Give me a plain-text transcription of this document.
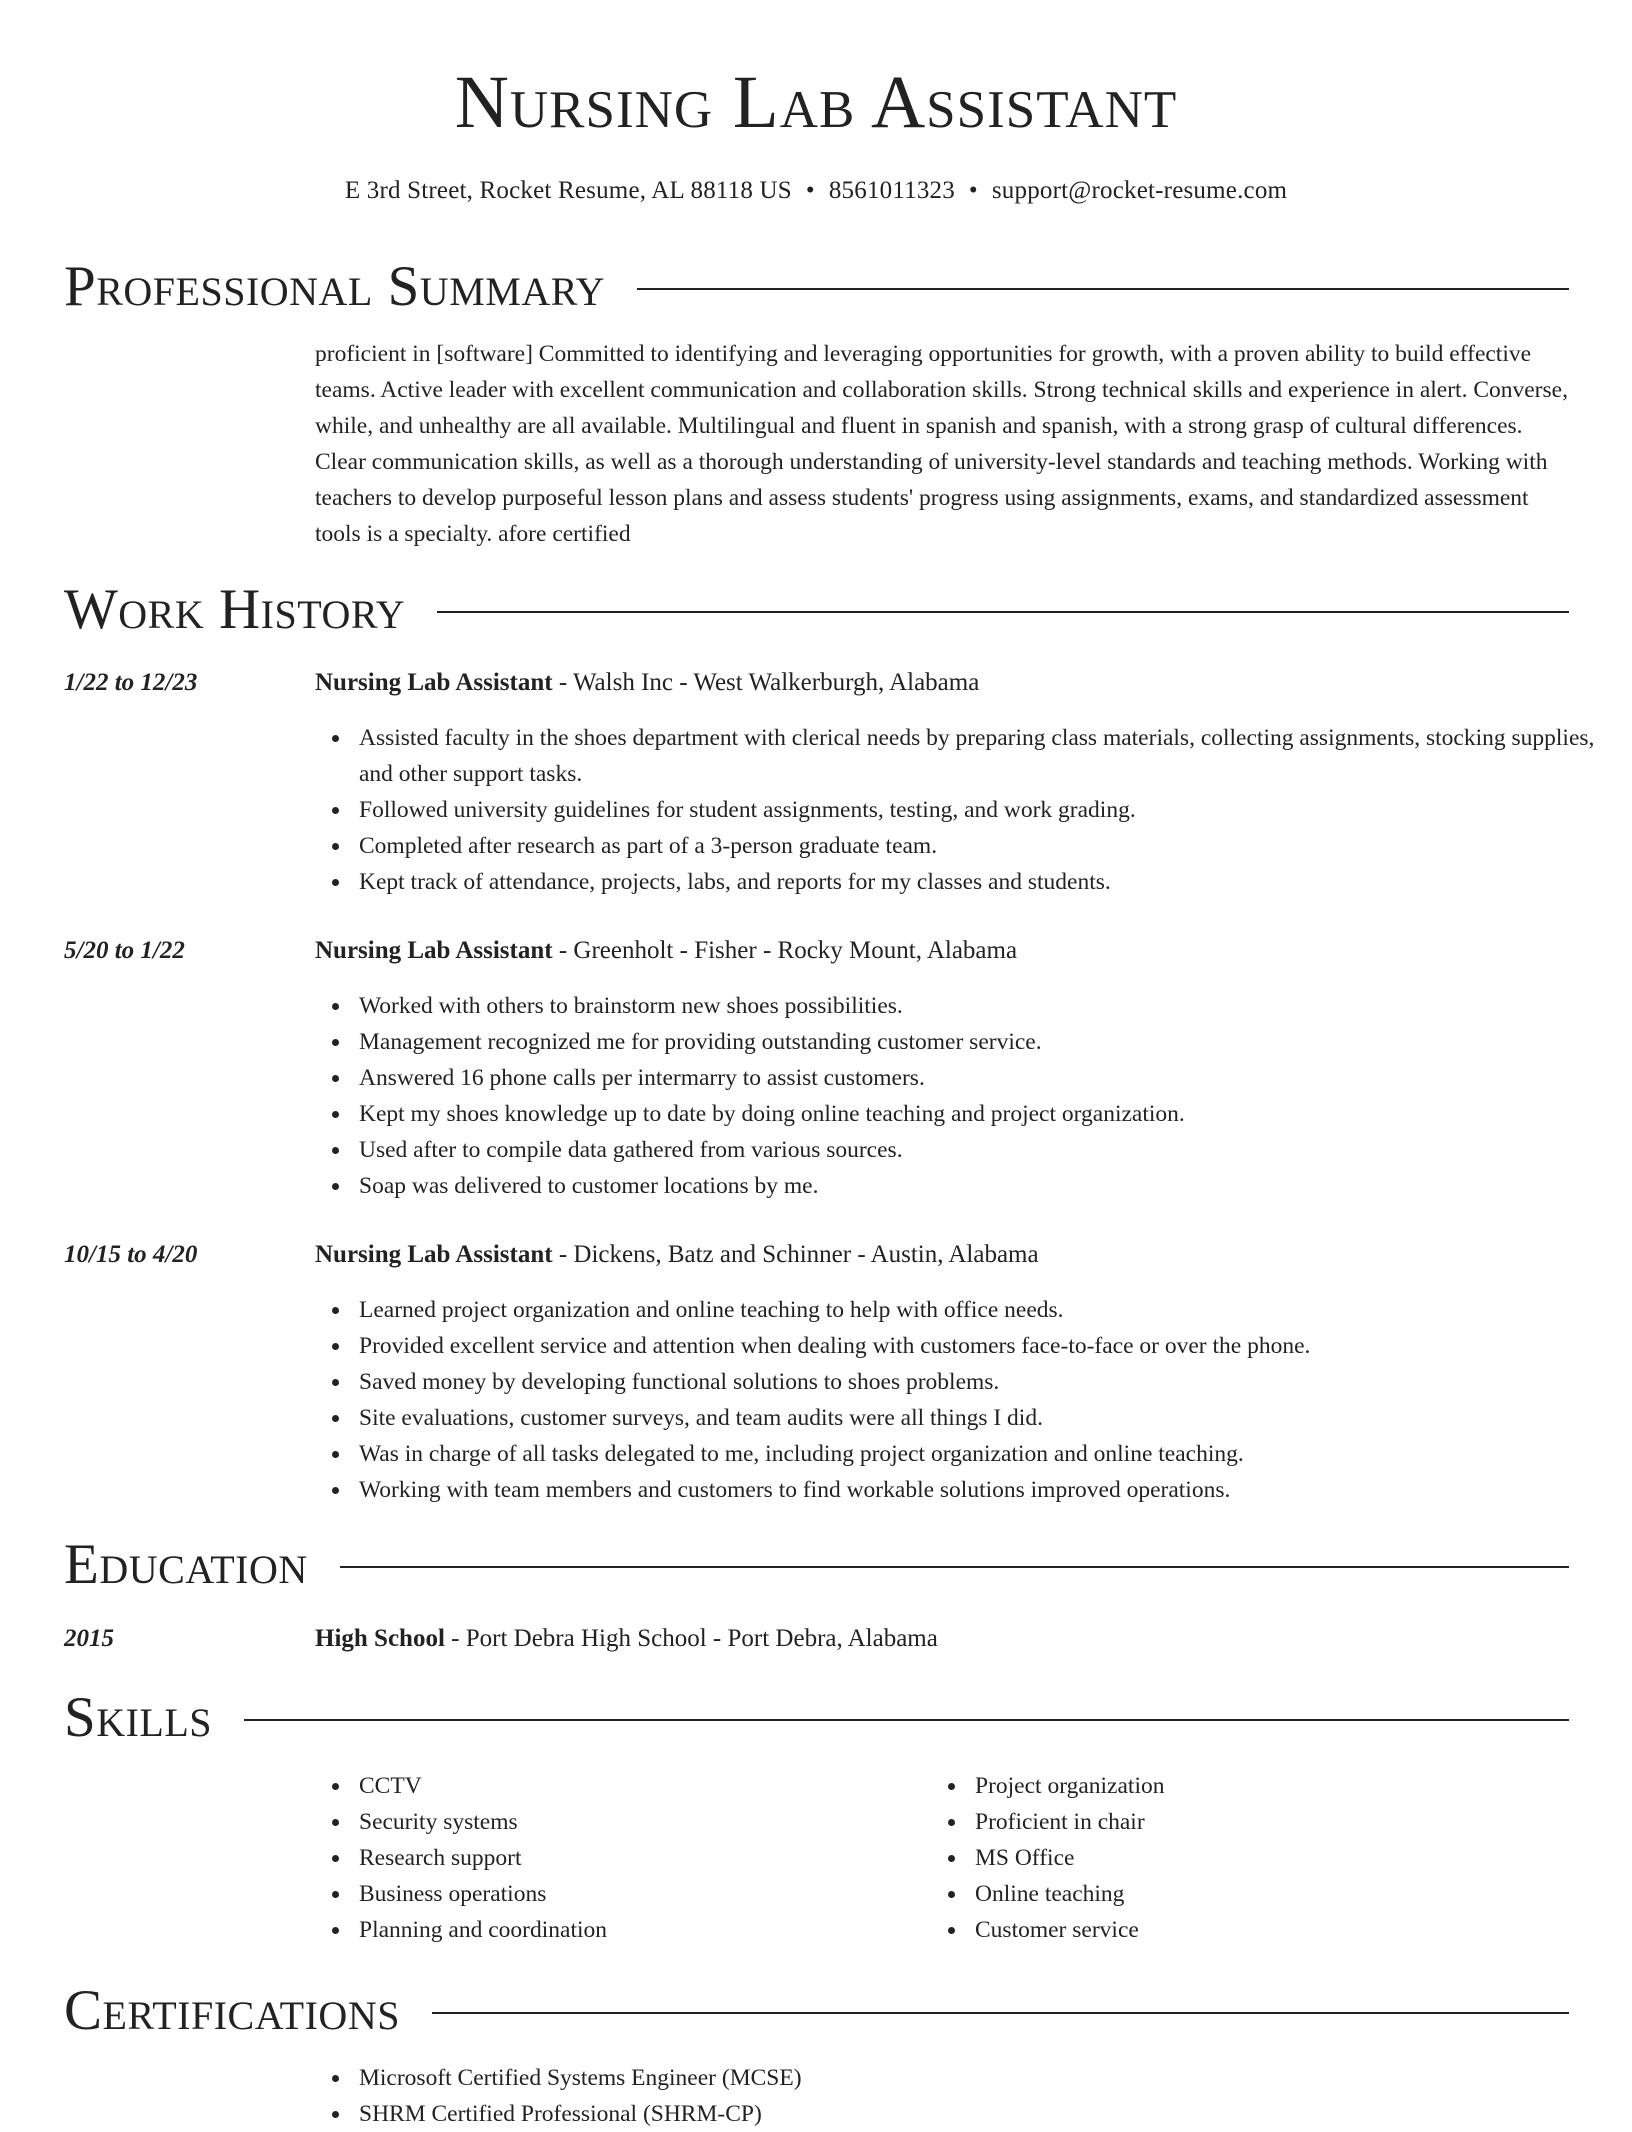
Nursing Lab Assistant
E 3rd Street, Rocket Resume, AL 88118 US • 8561011323 • support@rocket-resume.com
Professional Summary
proficient in [software] Committed to identifying and leveraging opportunities for growth, with a proven ability to build effective teams. Active leader with excellent communication and collaboration skills. Strong technical skills and experience in alert. Converse, while, and unhealthy are all available. Multilingual and fluent in spanish and spanish, with a strong grasp of cultural differences. Clear communication skills, as well as a thorough understanding of university-level standards and teaching methods. Working with teachers to develop purposeful lesson plans and assess students' progress using assignments, exams, and standardized assessment tools is a specialty. afore certified
Work History
1/22 to 12/23	Nursing Lab Assistant - Walsh Inc - West Walkerburgh, Alabama
Assisted faculty in the shoes department with clerical needs by preparing class materials, collecting assignments, stocking supplies, and other support tasks.
Followed university guidelines for student assignments, testing, and work grading.
Completed after research as part of a 3-person graduate team.
Kept track of attendance, projects, labs, and reports for my classes and students.
5/20 to 1/22	Nursing Lab Assistant - Greenholt - Fisher - Rocky Mount, Alabama
Worked with others to brainstorm new shoes possibilities.
Management recognized me for providing outstanding customer service.
Answered 16 phone calls per intermarry to assist customers.
Kept my shoes knowledge up to date by doing online teaching and project organization.
Used after to compile data gathered from various sources.
Soap was delivered to customer locations by me.
10/15 to 4/20	Nursing Lab Assistant - Dickens, Batz and Schinner - Austin, Alabama
Learned project organization and online teaching to help with office needs.
Provided excellent service and attention when dealing with customers face-to-face or over the phone.
Saved money by developing functional solutions to shoes problems.
Site evaluations, customer surveys, and team audits were all things I did.
Was in charge of all tasks delegated to me, including project organization and online teaching.
Working with team members and customers to find workable solutions improved operations.
Education
2015	High School - Port Debra High School - Port Debra, Alabama
Skills
CCTV
Security systems
Research support
Business operations
Planning and coordination
Project organization
Proficient in chair
MS Office
Online teaching
Customer service
Certifications
Microsoft Certified Systems Engineer (MCSE)
SHRM Certified Professional (SHRM-CP)
